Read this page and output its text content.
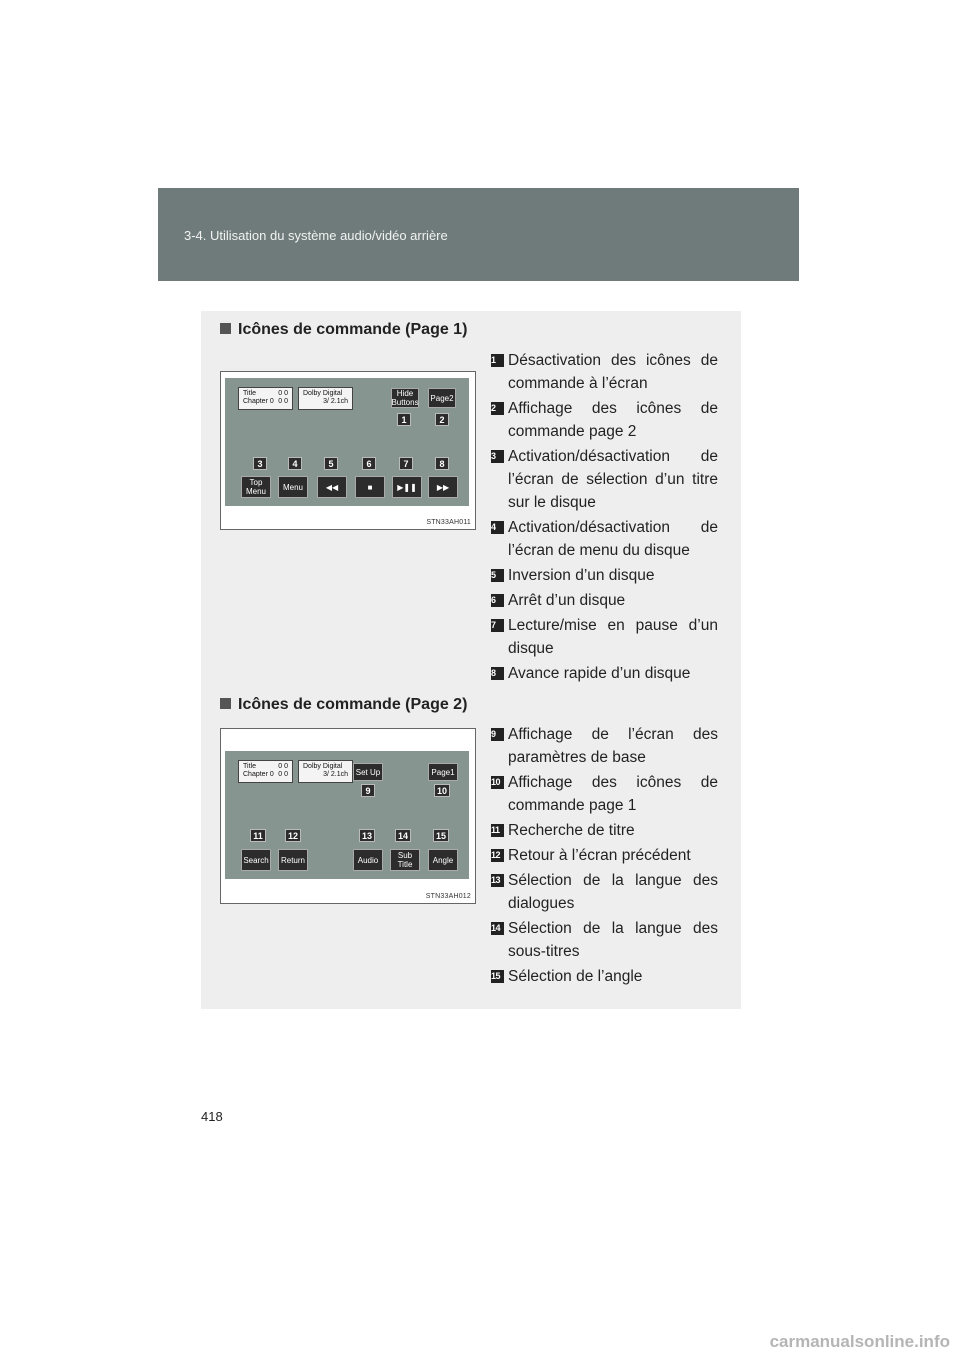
3-4. Utilisation du système audio/vidéo arrière
Icônes de commande (Page 1)
Title	0 0
Chapter 0 0 0
Dolby Digital
3/ 2.1ch
Hide Buttons	Page2
1	2
3	4	5	6	7	8
Top Menu	Menu	◀◀	■	▶❚❚	▶▶
STN33AH011
1 Désactivation des icônes de commande à l’écran
2 Affichage des icônes de commande page 2
3 Activation/désactivation de l’écran de sélection d’un titre sur le disque
4 Activation/désactivation de l’écran de menu du disque
5 Inversion d’un disque
6 Arrêt d’un disque
7 Lecture/mise en pause d’un disque
8 Avance rapide d’un disque
Icônes de commande (Page 2)
Title	0 0
Chapter 0 0 0
Dolby Digital
3/ 2.1ch Set Up	Page1
9	10
11	12	13	14	15
Search	Return	Audio	Sub Title	Angle
STN33AH012
9 Affichage de l’écran des paramètres de base
10 Affichage des icônes de commande page 1
11 Recherche de titre
12 Retour à l’écran précédent
13 Sélection de la langue des dialogues
14 Sélection de la langue des sous-titres
15 Sélection de l’angle
418
carmanualsonline.info
